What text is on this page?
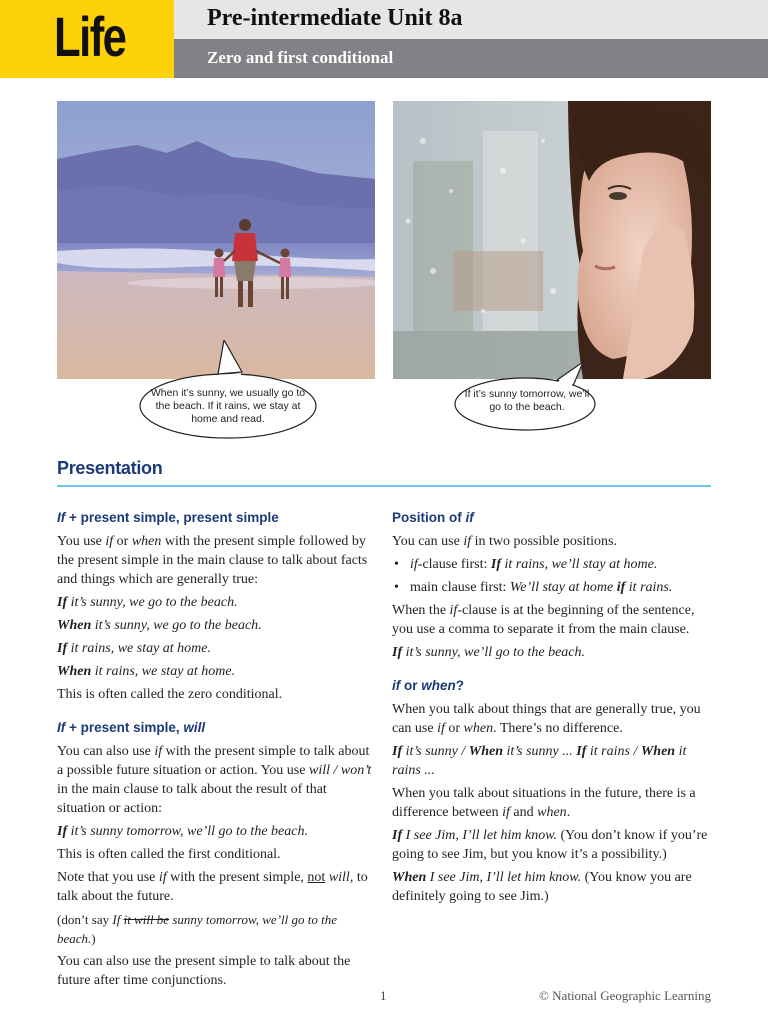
Life	Pre-intermediate Unit 8a
Zero and first conditional
When it’s sunny, we usually go to the beach. If it rains, we stay at home and read.
If it’s sunny tomorrow, we’ll go to the beach.
Presentation
If + present simple, present simple

You use if or when with the present simple followed by the present simple in the main clause to talk about facts and things which are generally true:

If it’s sunny, we go to the beach.

When it’s sunny, we go to the beach.

If it rains, we stay at home.

When it rains, we stay at home.

This is often called the zero conditional.

If + present simple, will

You can also use if with the present simple to talk about a possible future situation or action. You use will / won’t in the main clause to talk about the result of that situation or action:

If it’s sunny tomorrow, we’ll go to the beach.

This is often called the first conditional.

Note that you use if with the present simple, not will, to talk about the future.

(don’t say If it will be sunny tomorrow, we’ll go to the beach.)

You can also use the present simple to talk about the future after time conjunctions.

Position of if

You can use if in two possible positions.

• if-clause first: If it rains, we’ll stay at home.
• main clause first: We’ll stay at home if it rains.

When the if-clause is at the beginning of the sentence, you use a comma to separate it from the main clause.

If it’s sunny, we’ll go to the beach.

if or when?

When you talk about things that are generally true, you can use if or when. There’s no difference.

If it’s sunny / When it’s sunny ... If it rains / When it rains ...

When you talk about situations in the future, there is a difference between if and when.

If I see Jim, I’ll let him know. (You don’t know if you’re going to see Jim, but you know it’s a possibility.)

When I see Jim, I’ll let him know. (You know you are definitely going to see Jim.)

1	© National Geographic Learning
